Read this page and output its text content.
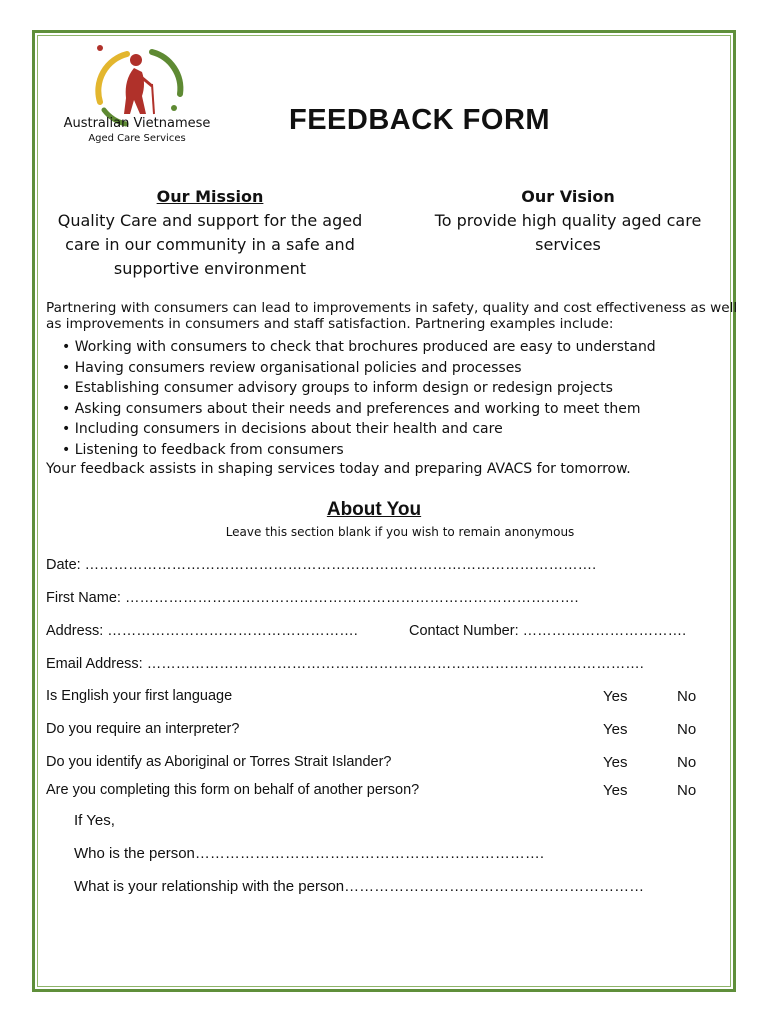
Australian Vietnamese
Aged Care Services
FEEDBACK FORM
Our Mission
Quality Care and support for the aged care in our community in a safe and supportive environment
Our Vision
To provide high quality aged care services
Partnering with consumers can lead to improvements in safety, quality and cost effectiveness as well as improvements in consumers and staff satisfaction. Partnering examples include:
• Working with consumers to check that brochures produced are easy to understand
• Having consumers review organisational policies and processes
• Establishing consumer advisory groups to inform design or redesign projects
• Asking consumers about their needs and preferences and working to meet them
• Including consumers in decisions about their health and care
• Listening to feedback from consumers
Your feedback assists in shaping services today and preparing AVACS for tomorrow.
About You
Leave this section blank if you wish to remain anonymous
Date: …………………………………………………………………………………………….
First Name: ………………………………………………………………………………….
Address: …………………………………………….	Contact Number: …………………………….
Email Address: ………………………………………………………………………………………….
Is English your first language	Yes	No
Do you require an interpreter?	Yes	No
Do you identify as Aboriginal or Torres Strait Islander?	Yes	No
Are you completing this form on behalf of another person?	Yes	No
If Yes,
Who is the person…………………………………………………………….
What is your relationship with the person……………………………………………………
